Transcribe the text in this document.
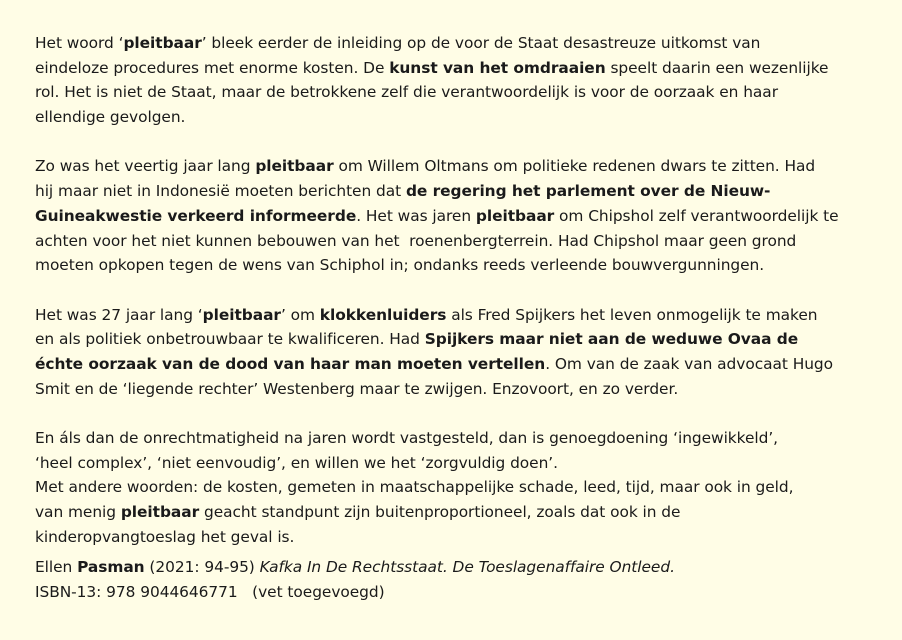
Het woord ‘pleitbaar’ bleek eerder de inleiding op de voor de Staat desastreuze uitkomst van
eindeloze procedures met enorme kosten. De kunst van het omdraaien speelt daarin een wezenlijke
rol. Het is niet de Staat, maar de betrokkene zelf die verantwoordelijk is voor de oorzaak en haar
ellendige gevolgen.

Zo was het veertig jaar lang pleitbaar om Willem Oltmans om politieke redenen dwars te zitten. Had
hij maar niet in Indonesië moeten berichten dat de regering het parlement over de Nieuw-
Guineakwestie verkeerd informeerde. Het was jaren pleitbaar om Chipshol zelf verantwoordelijk te
achten voor het niet kunnen bebouwen van het  roenenbergterrein. Had Chipshol maar geen grond
moeten opkopen tegen de wens van Schiphol in; ondanks reeds verleende bouwvergunningen.

Het was 27 jaar lang ‘pleitbaar’ om klokkenluiders als Fred Spijkers het leven onmogelijk te maken
en als politiek onbetrouwbaar te kwalificeren. Had Spijkers maar niet aan de weduwe Ovaa de
échte oorzaak van de dood van haar man moeten vertellen. Om van de zaak van advocaat Hugo
Smit en de ‘liegende rechter’ Westenberg maar te zwijgen. Enzovoort, en zo verder.

En áls dan de onrechtmatigheid na jaren wordt vastgesteld, dan is genoegdoening ‘ingewikkeld’,
‘heel complex’, ‘niet eenvoudig’, en willen we het ‘zorgvuldig doen’.
Met andere woorden: de kosten, gemeten in maatschappelijke schade, leed, tijd, maar ook in geld,
van menig pleitbaar geacht standpunt zijn buitenproportioneel, zoals dat ook in de
kinderopvangtoeslag het geval is.

Ellen Pasman (2021: 94-95) Kafka In De Rechtsstaat. De Toeslagenaffaire Ontleed.
ISBN-13: 978 9044646771   (vet toegevoegd)
